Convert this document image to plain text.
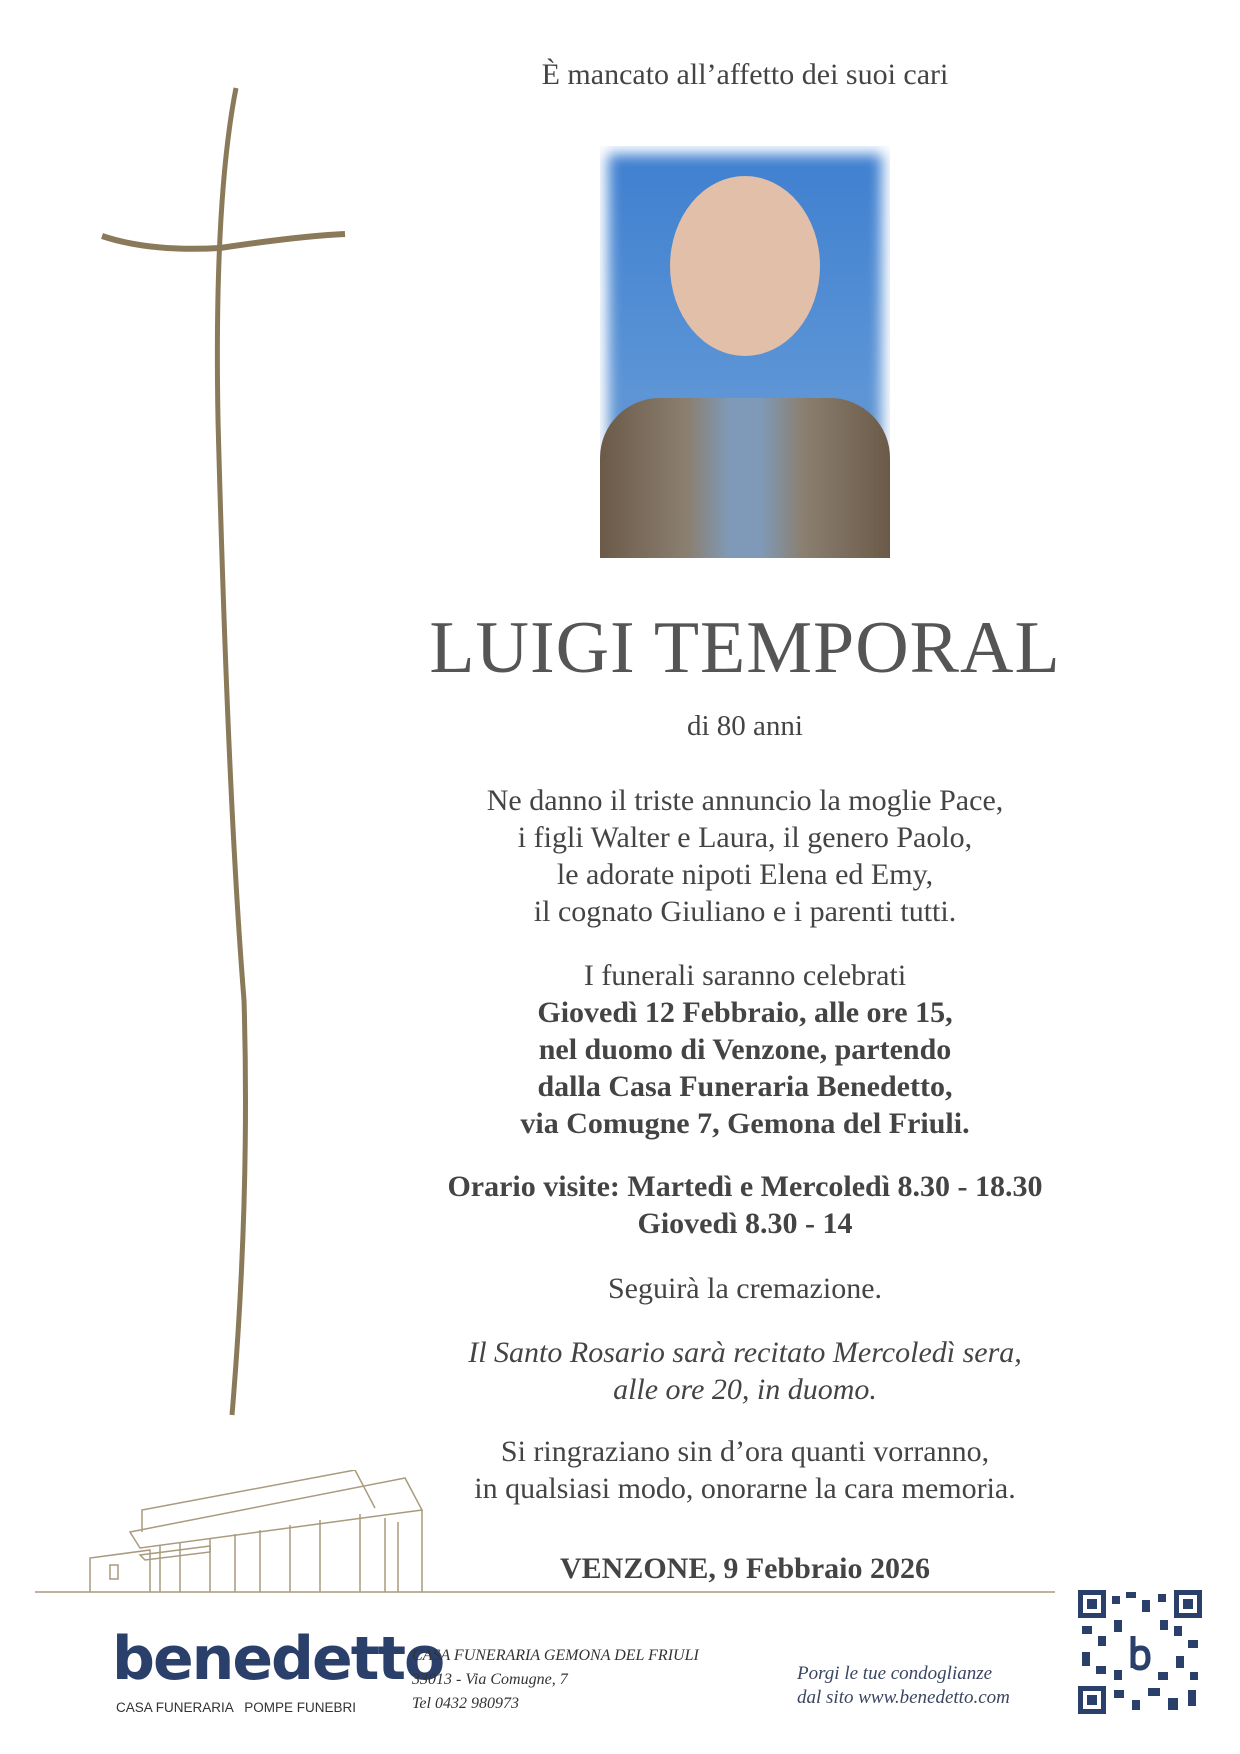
È mancato all’affetto dei suoi cari
LUIGI TEMPORAL
di 80 anni
Ne danno il triste annuncio la moglie Pace,
i figli Walter e Laura, il genero Paolo,
le adorate nipoti Elena ed Emy,
il cognato Giuliano e i parenti tutti.
I funerali saranno celebrati
Giovedì 12 Febbraio, alle ore 15,
nel duomo di Venzone, partendo
dalla Casa Funeraria Benedetto,
via Comugne 7, Gemona del Friuli.
Orario visite: Martedì e Mercoledì 8.30 - 18.30
Giovedì 8.30 - 14
Seguirà la cremazione.
Il Santo Rosario sarà recitato Mercoledì sera,
alle ore 20, in duomo.
Si ringraziano sin d’ora quanti vorranno,
in qualsiasi modo, onorarne la cara memoria.
VENZONE, 9 Febbraio 2026
benedetto
CASA FUNERARIA   POMPE FUNEBRI
CASA FUNERARIA GEMONA DEL FRIULI
33013 - Via Comugne, 7
Tel 0432 980973
Porgi le tue condoglianze
dal sito www.benedetto.com
